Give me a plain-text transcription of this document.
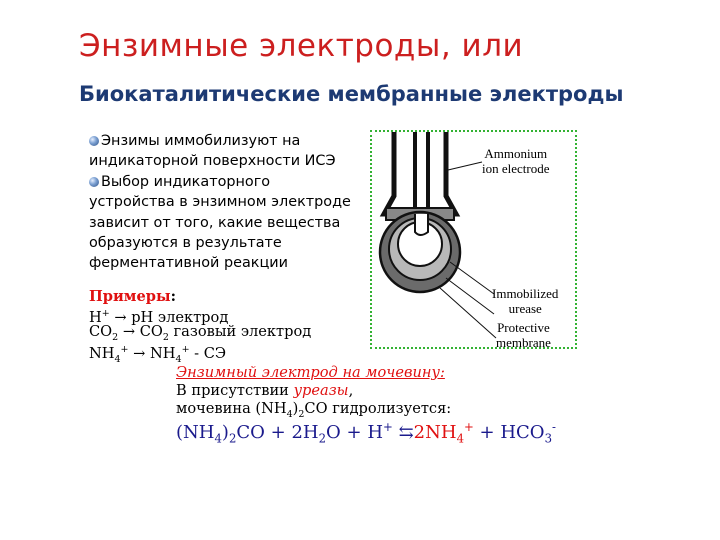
Энзимные электроды, или
Биокаталитические мембранные электроды
Энзимы иммобилизуют на
индикаторной поверхности ИСЭ
Выбор индикаторного
устройства в энзимном электроде
зависит от того, какие вещества
образуются в результате
ферментативной реакции
Примеры:
H+ → pH электрод
$CO_2 \to CO_2$ газовый электрод
$NH_4^+ \to NH_4^+$ - СЭ
Энзимный электрод на мочевину:
В присутствии уреазы,
мочевина $(NH_4)_2CO$ гидролизуется:
$(NH_4)_2CO + 2H_2O + H^+$ $⇆2NH_4^+ + HCO_3^-$
Ammonium
ion electrode
Immobilized
urease
Protective
membrane
